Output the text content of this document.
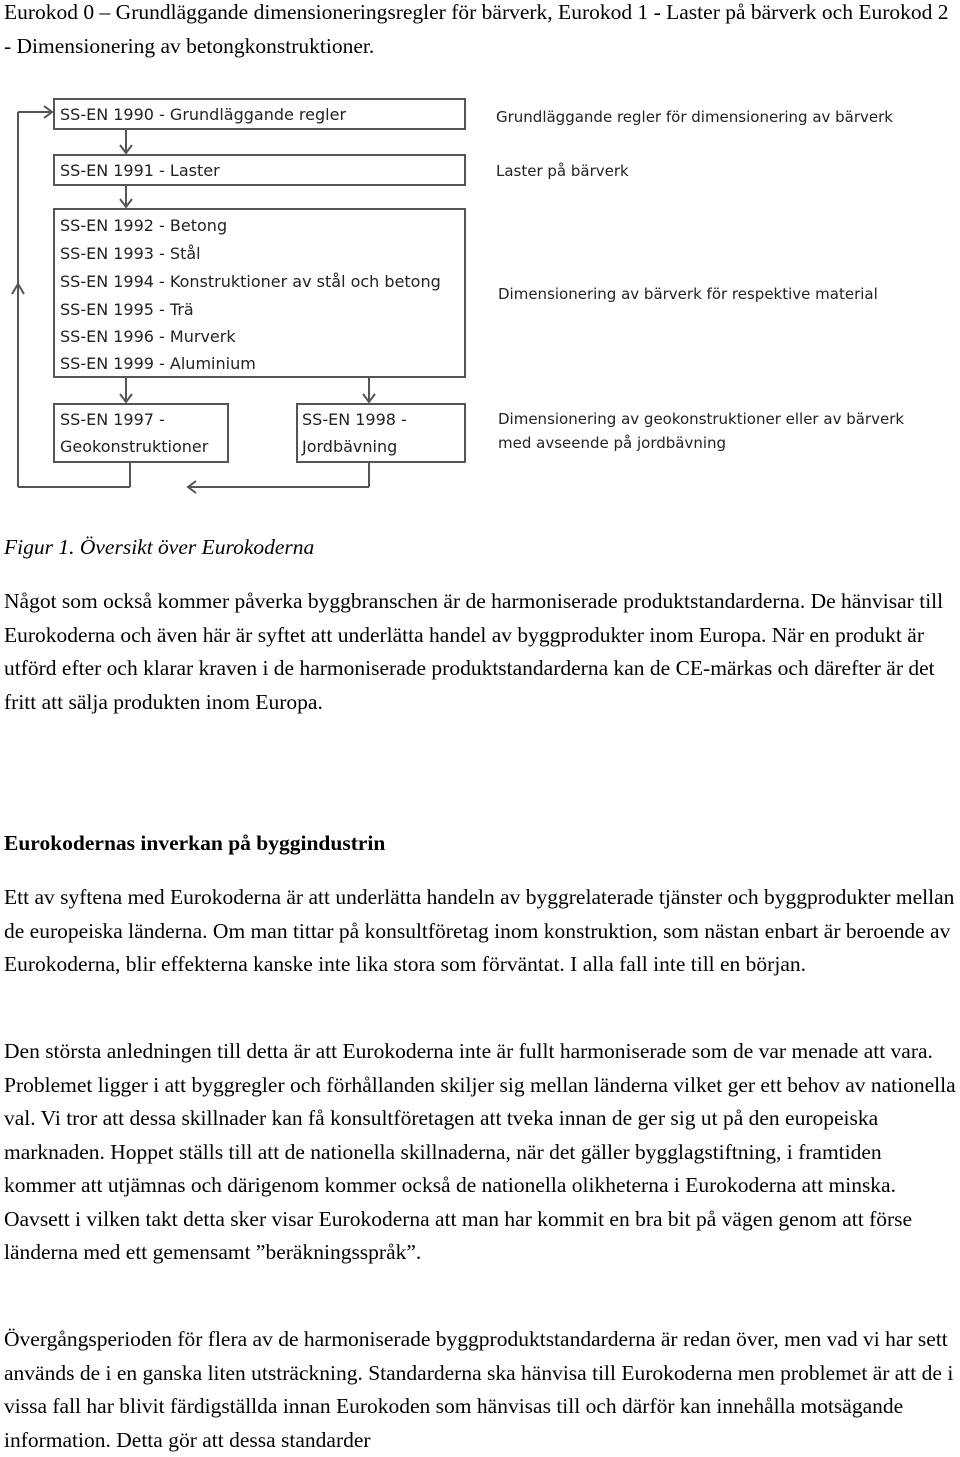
Eurokod 0 – Grundläggande dimensioneringsregler för bärverk, Eurokod 1 - Laster på bärverk och Eurokod 2 - Dimensionering av betongkonstruktioner.

SS-EN 1990 - Grundläggande regler
SS-EN 1991 - Laster
SS-EN 1992 - Betong
SS-EN 1993 - Stål
SS-EN 1994 - Konstruktioner av stål och betong
SS-EN 1995 - Trä
SS-EN 1996 - Murverk
SS-EN 1999 - Aluminium
SS-EN 1997 -
Geokonstruktioner
SS-EN 1998 -
Jordbävning
Grundläggande regler för dimensionering av bärverk
Laster på bärverk
Dimensionering av bärverk för respektive material
Dimensionering av geokonstruktioner eller av bärverk
med avseende på jordbävning

Figur 1. Översikt över Eurokoderna

Något som också kommer påverka byggbranschen är de harmoniserade produktstandarderna. De hänvisar till Eurokoderna och även här är syftet att underlätta handel av byggprodukter inom Europa. När en produkt är utförd efter och klarar kraven i de harmoniserade produktstandarderna kan de CE-märkas och därefter är det fritt att sälja produkten inom Europa.

Eurokodernas inverkan på byggindustrin

Ett av syftena med Eurokoderna är att underlätta handeln av byggrelaterade tjänster och byggprodukter mellan de europeiska länderna. Om man tittar på konsultföretag inom konstruktion, som nästan enbart är beroende av Eurokoderna, blir effekterna kanske inte lika stora som förväntat. I alla fall inte till en början.

Den största anledningen till detta är att Eurokoderna inte är fullt harmoniserade som de var menade att vara. Problemet ligger i att byggregler och förhållanden skiljer sig mellan länderna vilket ger ett behov av nationella val. Vi tror att dessa skillnader kan få konsultföretagen att tveka innan de ger sig ut på den europeiska marknaden. Hoppet ställs till att de nationella skillnaderna, när det gäller bygglagstiftning, i framtiden kommer att utjämnas och därigenom kommer också de nationella olikheterna i Eurokoderna att minska. Oavsett i vilken takt detta sker visar Eurokoderna att man har kommit en bra bit på vägen genom att förse länderna med ett gemensamt ”beräkningsspråk”.

Övergångsperioden för flera av de harmoniserade byggproduktstandarderna är redan över, men vad vi har sett används de i en ganska liten utsträckning. Standarderna ska hänvisa till Eurokoderna men problemet är att de i vissa fall har blivit färdigställda innan Eurokoden som hänvisas till och därför kan innehålla motsägande information. Detta gör att dessa standarder
